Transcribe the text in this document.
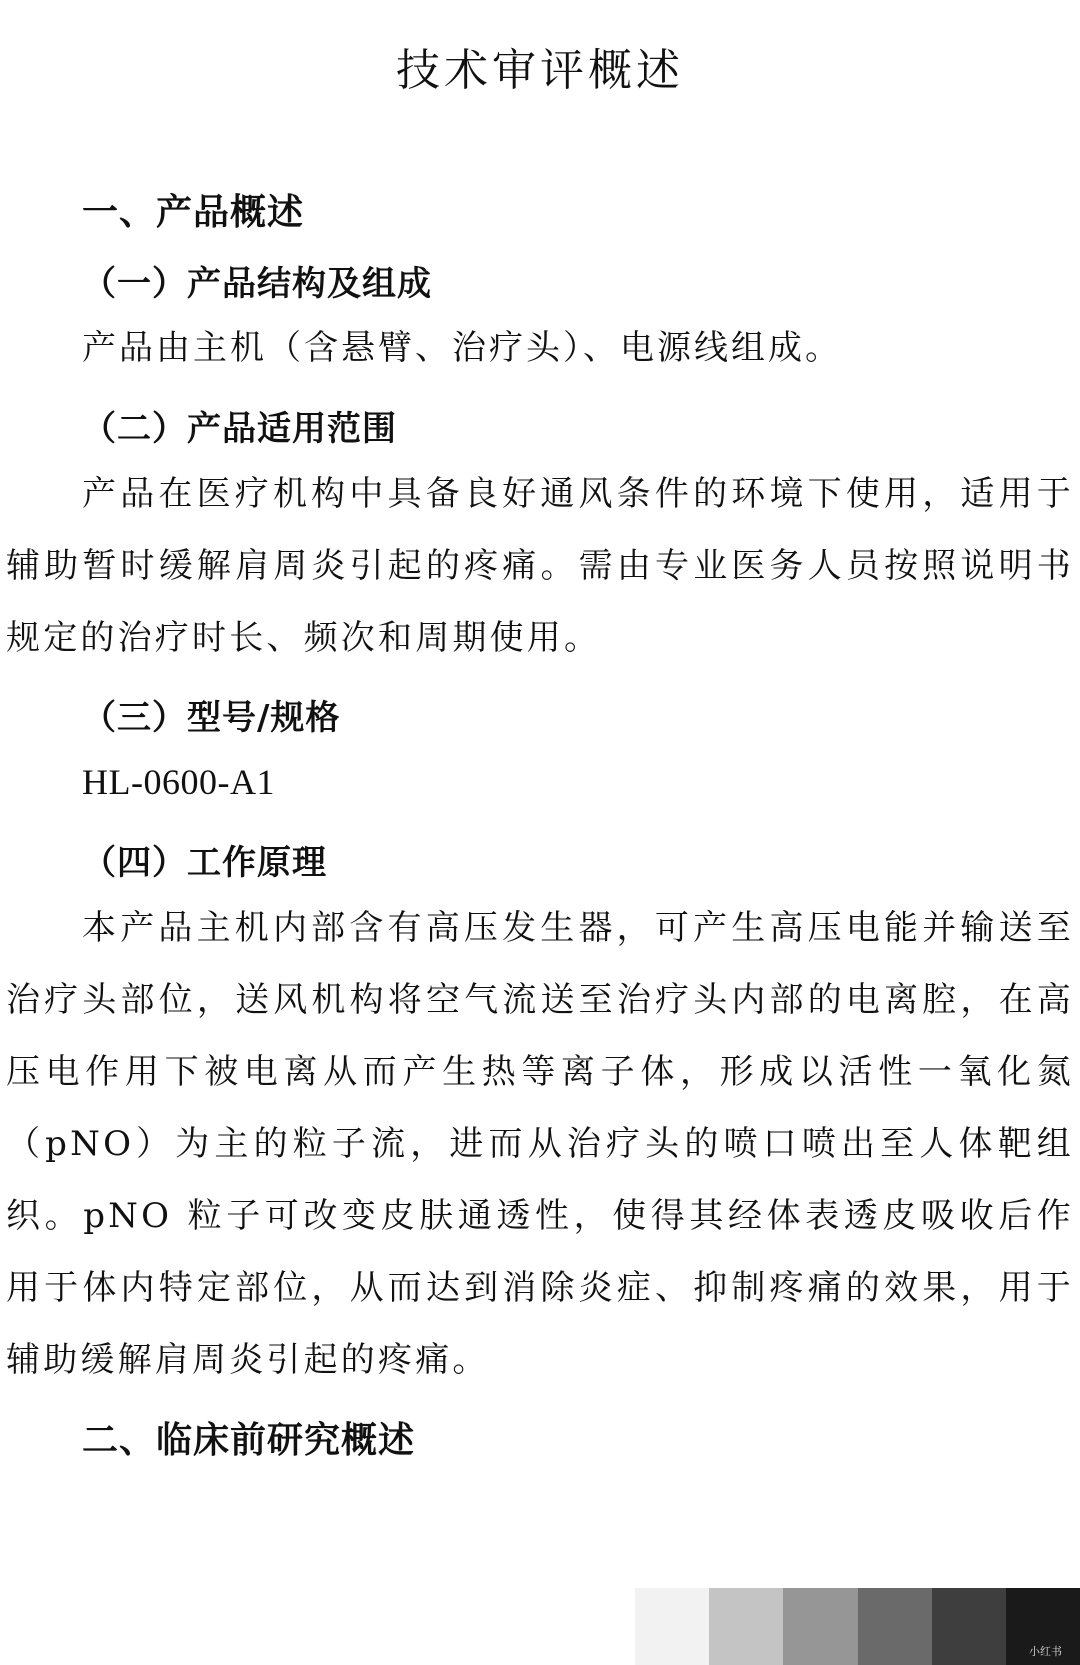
技术审评概述
一、产品概述
（一）产品结构及组成

产品由主机（含悬臂、治疗头）、电源线组成。

（二）产品适用范围

产品在医疗机构中具备良好通风条件的环境下使用，适用于辅助暂时缓解肩周炎引起的疼痛。需由专业医务人员按照说明书规定的治疗时长、频次和周期使用。

（三）型号/规格

HL-0600-A1

（四）工作原理

本产品主机内部含有高压发生器，可产生高压电能并输送至治疗头部位，送风机构将空气流送至治疗头内部的电离腔，在高压电作用下被电离从而产生热等离子体，形成以活性一氧化氮（pNO）为主的粒子流，进而从治疗头的喷口喷出至人体靶组织。pNO 粒子可改变皮肤通透性，使得其经体表透皮吸收后作用于体内特定部位，从而达到消除炎症、抑制疼痛的效果，用于辅助缓解肩周炎引起的疼痛。

二、临床前研究概述
小红书
